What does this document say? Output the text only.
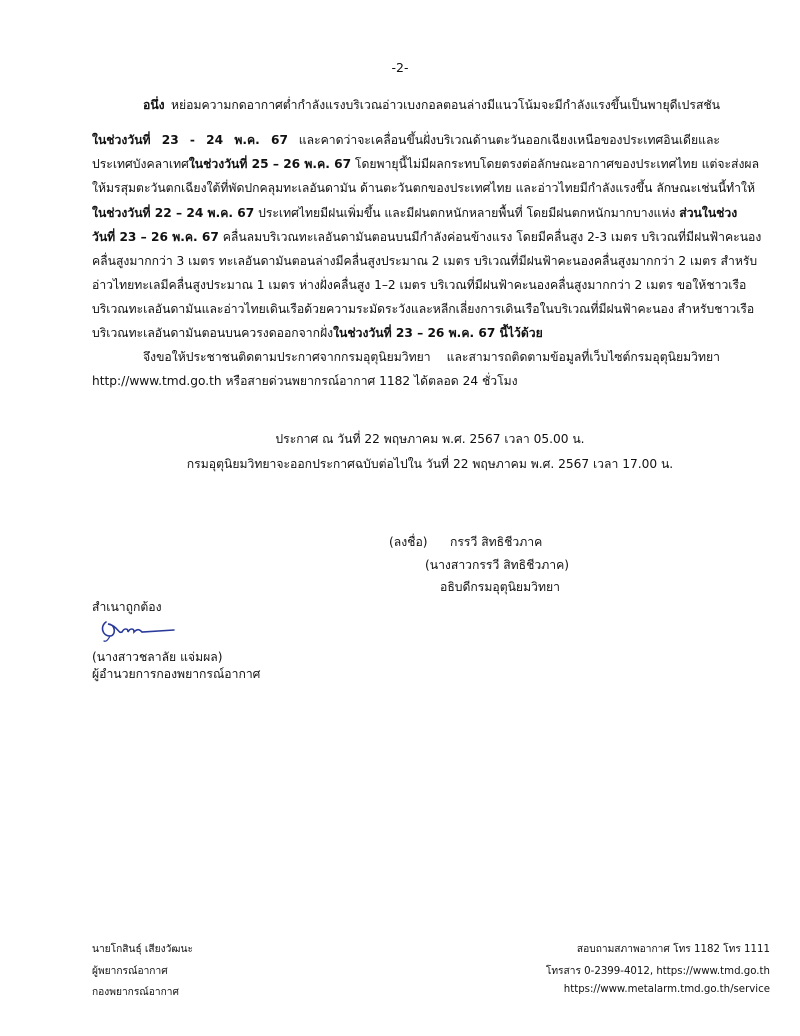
-2-
อนึ่ง หย่อมความกดอากาศต่ำกำลังแรงบริเวณอ่าวเบงกอลตอนล่างมีแนวโน้มจะมีกำลังแรงขึ้นเป็นพายุดีเปรสชัน
ในช่วงวันที่ 23 - 24 พ.ค. 67 และคาดว่าจะเคลื่อนขึ้นฝั่งบริเวณด้านตะวันออกเฉียงเหนือของประเทศอินเดียและ
ประเทศบังคลาเทศในช่วงวันที่ 25 – 26 พ.ค. 67 โดยพายุนี้ไม่มีผลกระทบโดยตรงต่อลักษณะอากาศของประเทศไทย แต่จะส่งผล
ให้มรสุมตะวันตกเฉียงใต้ที่พัดปกคลุมทะเลอันดามัน ด้านตะวันตกของประเทศไทย และอ่าวไทยมีกำลังแรงขึ้น ลักษณะเช่นนี้ทำให้
ในช่วงวันที่ 22 – 24 พ.ค. 67 ประเทศไทยมีฝนเพิ่มขึ้น และมีฝนตกหนักหลายพื้นที่ โดยมีฝนตกหนักมากบางแห่ง ส่วนในช่วง
วันที่ 23 – 26 พ.ค. 67 คลื่นลมบริเวณทะเลอันดามันตอนบนมีกำลังค่อนข้างแรง โดยมีคลื่นสูง 2-3 เมตร บริเวณที่มีฝนฟ้าคะนอง
คลื่นสูงมากกว่า 3 เมตร ทะเลอันดามันตอนล่างมีคลื่นสูงประมาณ 2 เมตร บริเวณที่มีฝนฟ้าคะนองคลื่นสูงมากกว่า 2 เมตร สำหรับ
อ่าวไทยทะเลมีคลื่นสูงประมาณ 1 เมตร ห่างฝั่งคลื่นสูง 1–2 เมตร บริเวณที่มีฝนฟ้าคะนองคลื่นสูงมากกว่า 2 เมตร ขอให้ชาวเรือ
บริเวณทะเลอันดามันและอ่าวไทยเดินเรือด้วยความระมัดระวังและหลีกเลี่ยงการเดินเรือในบริเวณที่มีฝนฟ้าคะนอง สำหรับชาวเรือ
บริเวณทะเลอันดามันตอนบนควรงดออกจากฝั่งในช่วงวันที่ 23 – 26 พ.ค. 67 นี้ไว้ด้วย
จึงขอให้ประชาชนติดตามประกาศจากกรมอุตุนิยมวิทยา และสามารถติดตามข้อมูลที่เว็บไซต์กรมอุตุนิยมวิทยา
http://www.tmd.go.th หรือสายด่วนพยากรณ์อากาศ 1182 ได้ตลอด 24 ชั่วโมง
ประกาศ ณ วันที่ 22 พฤษภาคม พ.ศ. 2567 เวลา 05.00 น.
กรมอุตุนิยมวิทยาจะออกประกาศฉบับต่อไปใน วันที่ 22 พฤษภาคม พ.ศ. 2567 เวลา 17.00 น.
(ลงชื่อ) กรรวี สิทธิชีวภาค
(นางสาวกรรวี สิทธิชีวภาค)
อธิบดีกรมอุตุนิยมวิทยา
สำเนาถูกต้อง
(นางสาวชลาลัย แจ่มผล)
ผู้อำนวยการกองพยากรณ์อากาศ
นายโกสินธุ์ เสียงวัฒนะ
ผู้พยากรณ์อากาศ
กองพยากรณ์อากาศ
สอบถามสภาพอากาศ โทร 1182 โทร 1111
โทรสาร 0-2399-4012, https://www.tmd.go.th
https://www.metalarm.tmd.go.th/service
